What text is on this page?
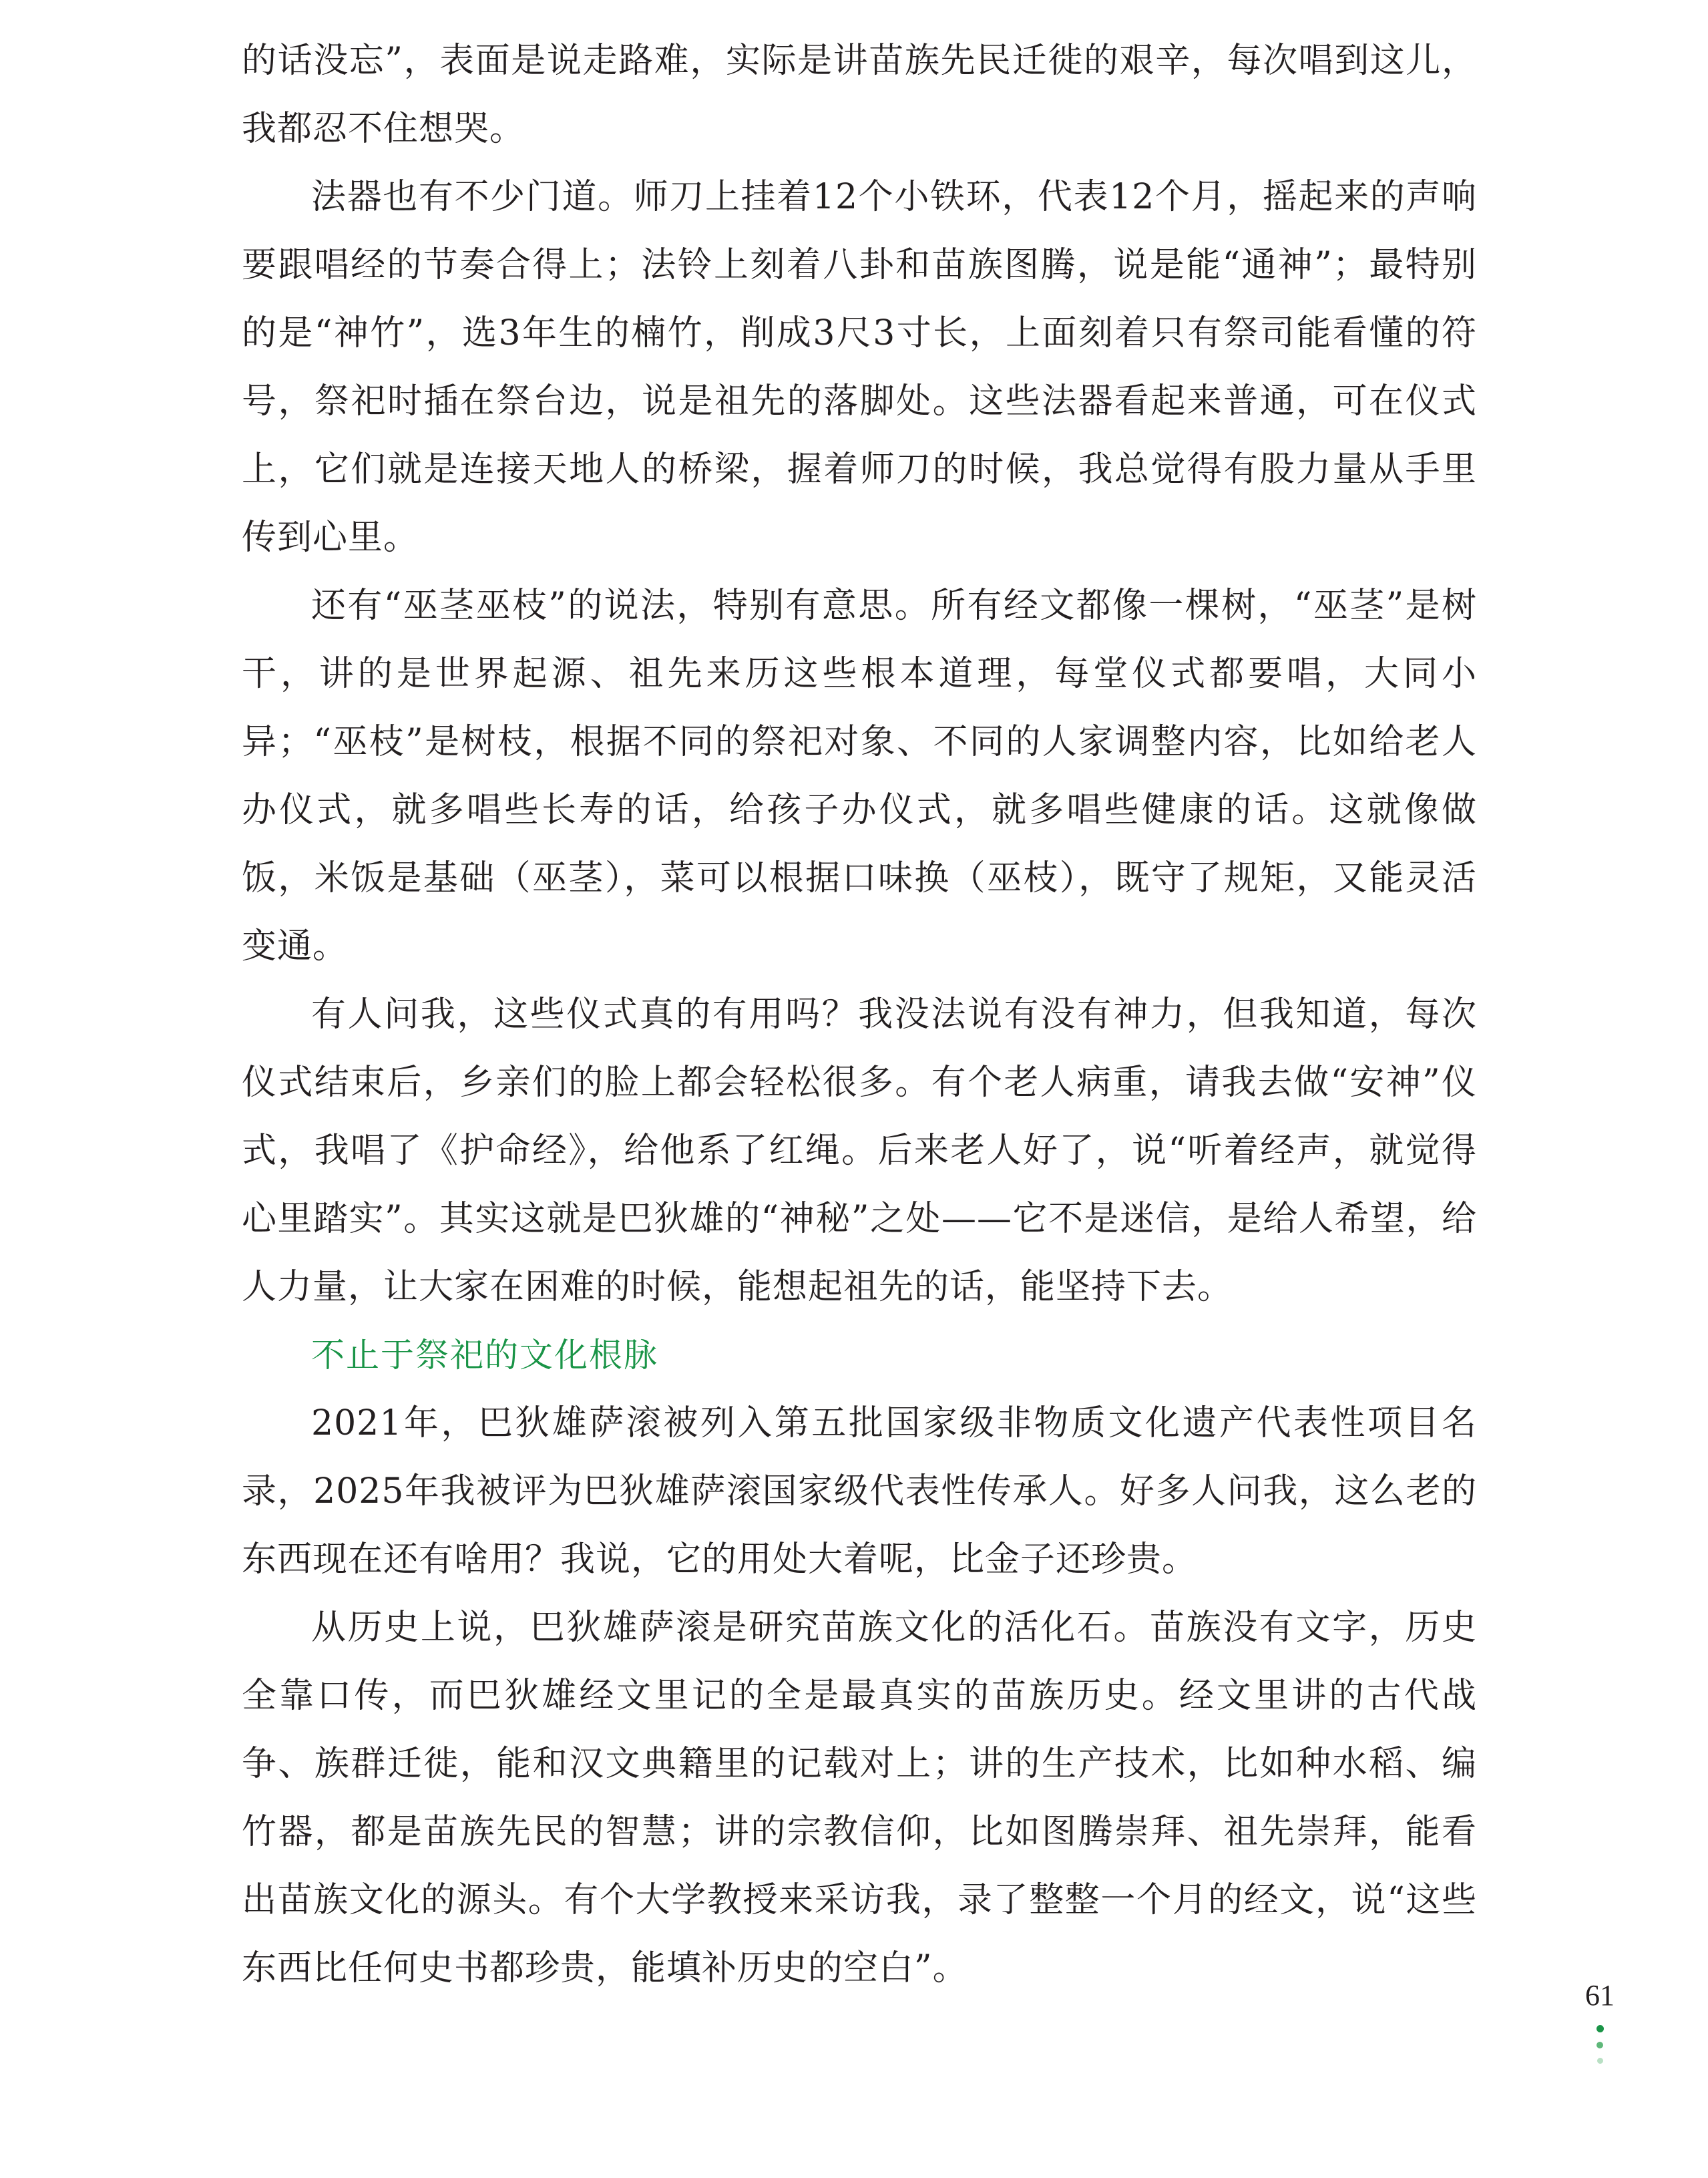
的话没忘”，表面是说走路难，实际是讲苗族先民迁徙的艰辛，每次唱到这儿，我都忍不住想哭。

法器也有不少门道。师刀上挂着12个小铁环，代表12个月，摇起来的声响要跟唱经的节奏合得上；法铃上刻着八卦和苗族图腾，说是能“通神”；最特别的是“神竹”，选3年生的楠竹，削成3尺3寸长，上面刻着只有祭司能看懂的符号，祭祀时插在祭台边，说是祖先的落脚处。这些法器看起来普通，可在仪式上，它们就是连接天地人的桥梁，握着师刀的时候，我总觉得有股力量从手里传到心里。

还有“巫茎巫枝”的说法，特别有意思。所有经文都像一棵树，“巫茎”是树干，讲的是世界起源、祖先来历这些根本道理，每堂仪式都要唱，大同小异；“巫枝”是树枝，根据不同的祭祀对象、不同的人家调整内容，比如给老人办仪式，就多唱些长寿的话，给孩子办仪式，就多唱些健康的话。这就像做饭，米饭是基础（巫茎），菜可以根据口味换（巫枝），既守了规矩，又能灵活变通。

有人问我，这些仪式真的有用吗？我没法说有没有神力，但我知道，每次仪式结束后，乡亲们的脸上都会轻松很多。有个老人病重，请我去做“安神”仪式，我唱了《护命经》，给他系了红绳。后来老人好了，说“听着经声，就觉得心里踏实”。其实这就是巴狄雄的“神秘”之处——它不是迷信，是给人希望，给人力量，让大家在困难的时候，能想起祖先的话，能坚持下去。

不止于祭祀的文化根脉

2021年，巴狄雄萨滚被列入第五批国家级非物质文化遗产代表性项目名录，2025年我被评为巴狄雄萨滚国家级代表性传承人。好多人问我，这么老的东西现在还有啥用？我说，它的用处大着呢，比金子还珍贵。

从历史上说，巴狄雄萨滚是研究苗族文化的活化石。苗族没有文字，历史全靠口传，而巴狄雄经文里记的全是最真实的苗族历史。经文里讲的古代战争、族群迁徙，能和汉文典籍里的记载对上；讲的生产技术，比如种水稻、编竹器，都是苗族先民的智慧；讲的宗教信仰，比如图腾崇拜、祖先崇拜，能看出苗族文化的源头。有个大学教授来采访我，录了整整一个月的经文，说“这些东西比任何史书都珍贵，能填补历史的空白”。

61
